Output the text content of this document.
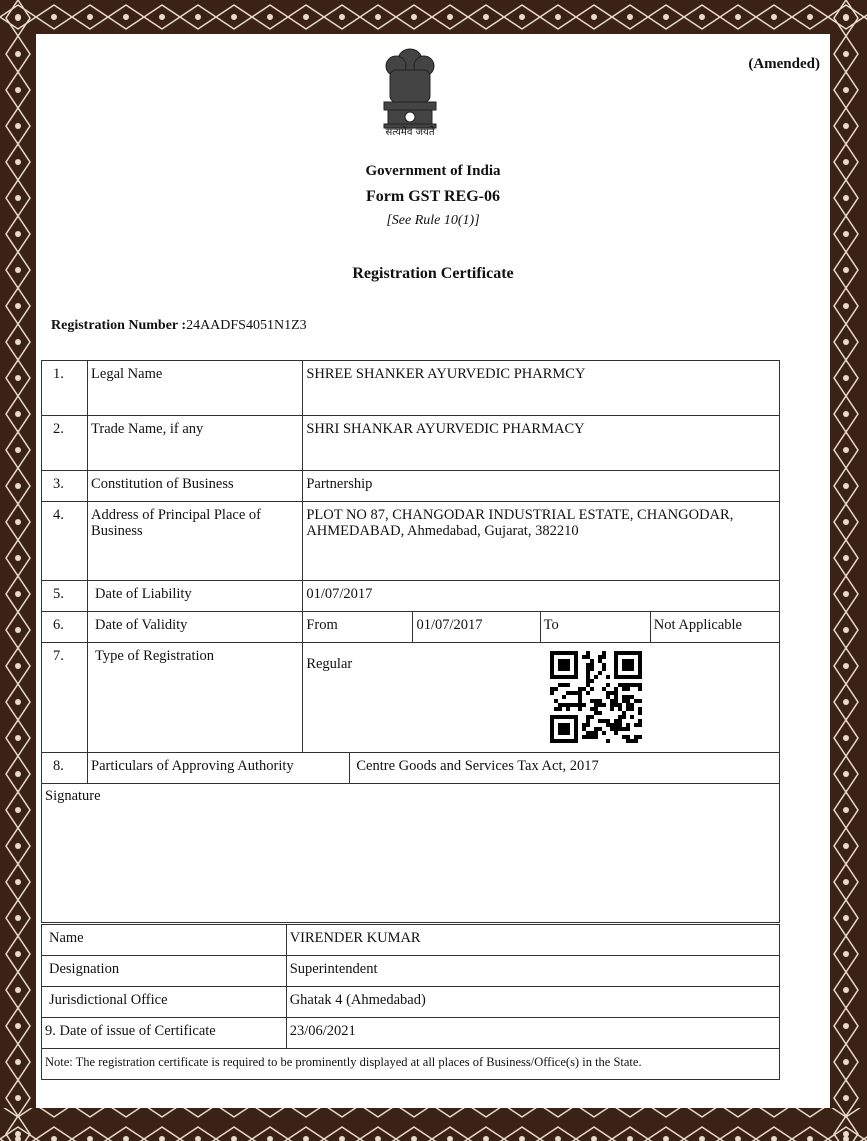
(Amended)
सत्यमेव जयते
Government of India
Form GST REG-06
[See Rule 10(1)]
Registration Certificate
Registration Number :24AADFS4051N1Z3
1.	Legal Name	SHREE SHANKER AYURVEDIC PHARMCY				
2.	Trade Name, if any	SHRI SHANKAR AYURVEDIC PHARMACY				
3.	Constitution of Business	Partnership				
4.	Address of Principal Place of Business	PLOT NO 87, CHANGODAR INDUSTRIAL ESTATE, CHANGODAR, AHMEDABAD, Ahmedabad, Gujarat, 382210				
5.	Date of Liability	01/07/2017				
6.	Date of Validity	From		01/07/2017	To	Not Applicable
7.	Type of Registration	Regular				
8.	Particulars of Approving Authority		Centre Goods and Services Tax Act, 2017			
Signature
Name	VIRENDER KUMAR
Designation	Superintendent
Jurisdictional Office	Ghatak 4 (Ahmedabad)
9. Date of issue of Certificate	23/06/2021
Note: The registration certificate is required to be prominently displayed at all places of Business/Office(s) in the State.	
